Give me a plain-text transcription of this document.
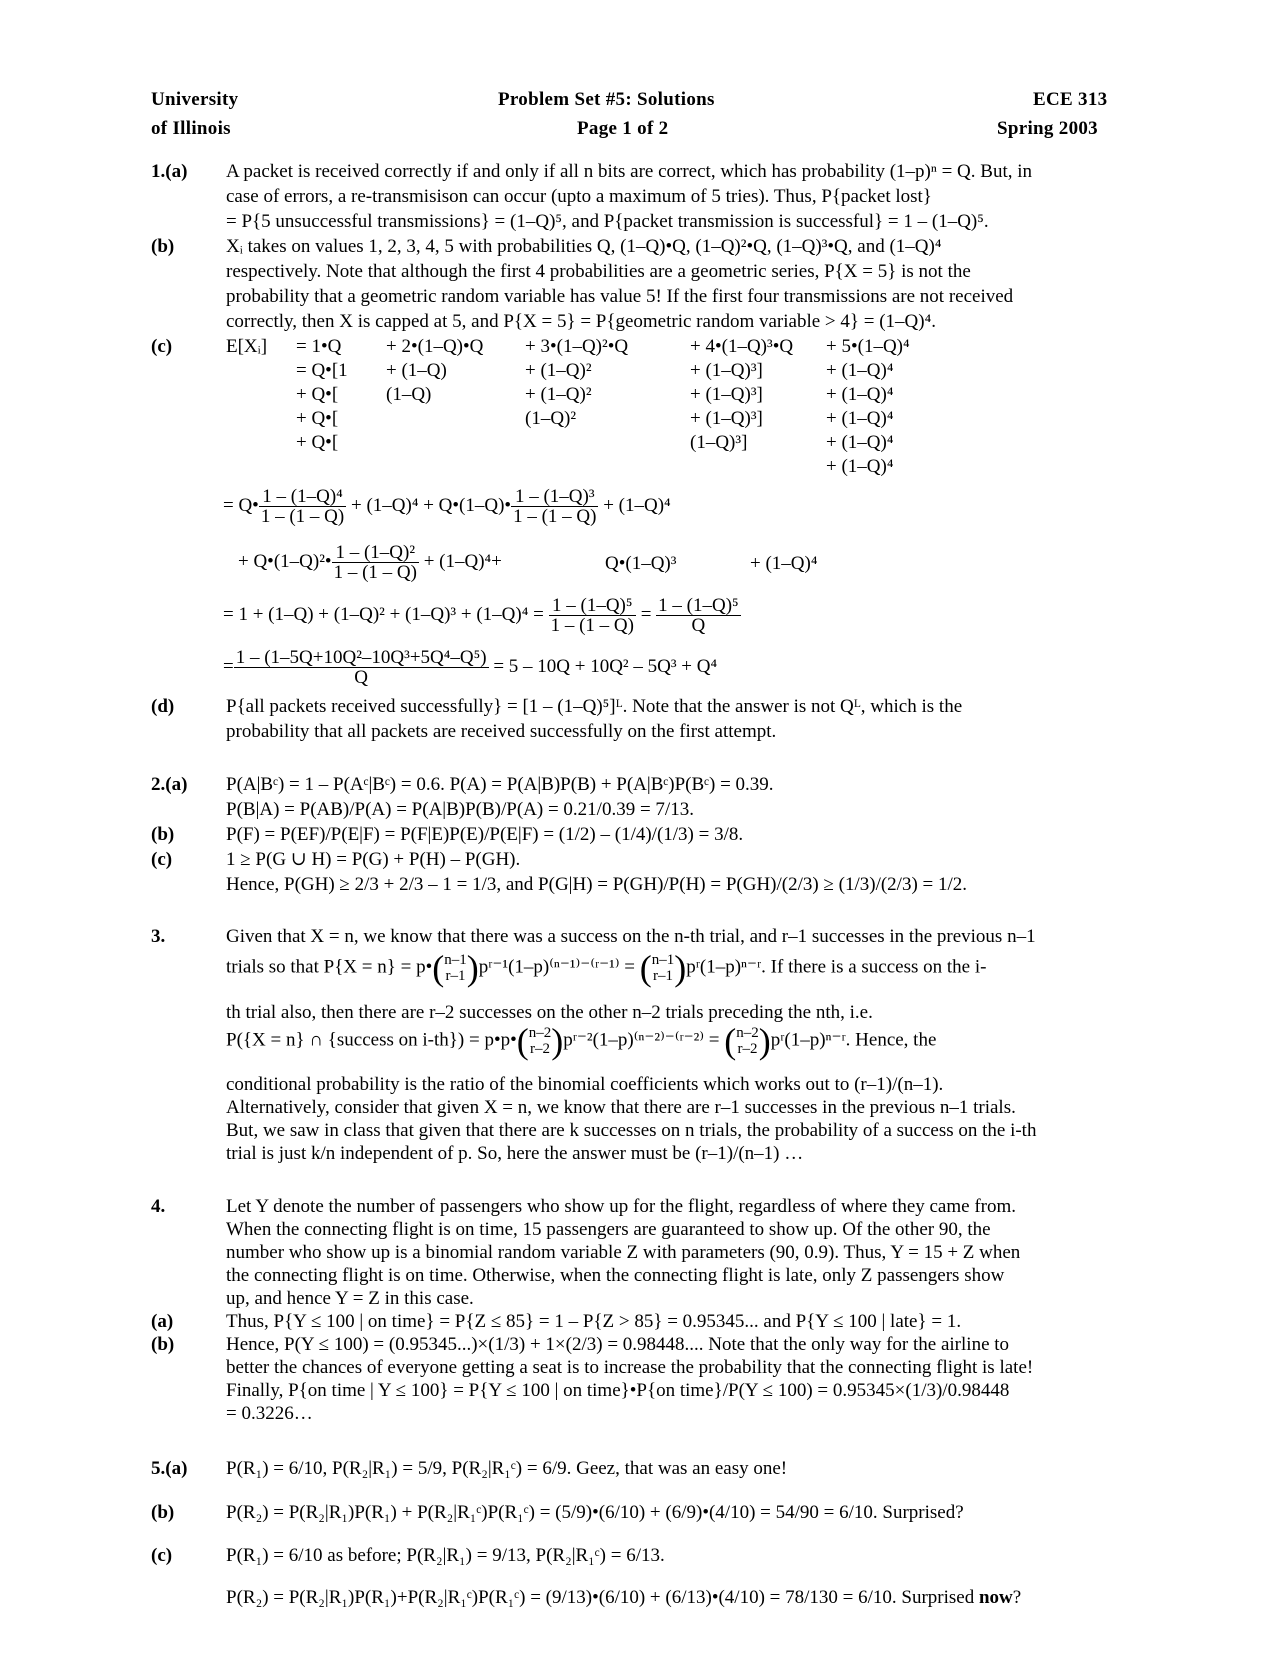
University
of Illinois
Problem Set #5: Solutions
Page 1 of 2
ECE 313
Spring 2003
1.(a) A packet is received correctly if and only if all n bits are correct, which has probability (1–p)ⁿ = Q. But, in
case of errors, a re-transmisison can occur (upto a maximum of 5 tries). Thus, P{packet lost}
= P{5 unsuccessful transmissions} = (1–Q)⁵, and P{packet transmission is successful} = 1 – (1–Q)⁵.
(b)	Xᵢ takes on values 1, 2, 3, 4, 5 with probabilities Q, (1–Q)•Q, (1–Q)²•Q, (1–Q)³•Q, and (1–Q)⁴
respectively. Note that although the first 4 probabilities are a geometric series, P{X = 5} is not the
probability that a geometric random variable has value 5! If the first four transmissions are not received
correctly, then X is capped at 5, and P{X = 5} = P{geometric random variable > 4} = (1–Q)⁴.
(c)	E[Xᵢ] = 1•Q + 2•(1–Q)•Q + 3•(1–Q)²•Q	+ 4•(1–Q)³•Q + 5•(1–Q)⁴
= Q•[1 + (1–Q)	+ (1–Q)²	+ (1–Q)³]	+ (1–Q)⁴
+ Q•[	(1–Q)	+ (1–Q)²	+ (1–Q)³]	+ (1–Q)⁴
+ Q•[	(1–Q)²	+ (1–Q)³]	+ (1–Q)⁴
+ Q•[	(1–Q)³]	+ (1–Q)⁴
+ (1–Q)⁴
= Q• $\frac{\text{1 – (1–Q)⁴}}{1 - (1 - Q)} + (1-Q)^4$ + Q•(1–Q)• $\frac{\text{1 – (1–Q)³}}{1 - (1 - Q)} + (1-Q)^4$
+ Q•(1–Q)²• $\frac{\text{1 – (1–Q)²}}{1 - (1 - Q)} + (1-Q)^4+$	Q•(1–Q)³	+ (1–Q)⁴
= $1 + (1-Q) + (1-Q)^2 + (1-Q)^3 + (1-Q)^4 = \frac{\text{1 – (1–Q)⁵}}{1 - (1 - Q)} = \frac{\text{1 – (1–Q)⁵}}{Q}$
= $\frac{\text{1 – (1–5Q+10Q²–10Q³+5Q⁴–Q⁵)}}{Q} = 5 - 10Q + 10Q^2 - 5Q^3 + Q^4$
(d)	P{all packets received successfully} = [1 – (1–Q)⁵]ᴸ. Note that the answer is not Qᴸ, which is the
probability that all packets are received successfully on the first attempt.
2.(a) P(A|Bᶜ) = 1 – P(Aᶜ|Bᶜ) = 0.6. P(A) = P(A|B)P(B) + P(A|Bᶜ)P(Bᶜ) = 0.39.
P(B|A) = P(AB)/P(A) = P(A|B)P(B)/P(A) = 0.21/0.39 = 7/13.
(b)	P(F) = P(EF)/P(E|F) = P(F|E)P(E)/P(E|F) = (1/2) – (1/4)/(1/3) = 3/8.
(c)	1 ≥ P(G ∪ H) = P(G) + P(H) – P(GH).
Hence, P(GH) ≥ 2/3 + 2/3 – 1 = 1/3, and P(G|H) = P(GH)/P(H) = P(GH)/(2/3) ≥ (1/3)/(2/3) = 1/2.
3.	Given that X = n, we know that there was a success on the n-th trial, and r–1 successes in the previous n–1
trials so that P{X = n} = p•(n–1
r–1)pʳ⁻¹(1–p)⁽ⁿ⁻¹⁾⁻⁽ʳ⁻¹⁾ = (n–1
r–1)pʳ(1–p)ⁿ⁻ʳ. If there is a success on the i-
th trial also, then there are r–2 successes on the other n–2 trials preceding the nth, i.e.
P({X = n} ∩ {success on i-th}) = p•p•(n–2
r–2)pʳ⁻²(1–p)⁽ⁿ⁻²⁾⁻⁽ʳ⁻²⁾ = (n–2
r–2)pʳ(1–p)ⁿ⁻ʳ. Hence, the
conditional probability is the ratio of the binomial coefficients which works out to (r–1)/(n–1).
Alternatively, consider that given X = n, we know that there are r–1 successes in the previous n–1 trials.
But, we saw in class that given that there are k successes on n trials, the probability of a success on the i-th
trial is just k/n independent of p. So, here the answer must be (r–1)/(n–1) …
4.	Let Y denote the number of passengers who show up for the flight, regardless of where they came from.
When the connecting flight is on time, 15 passengers are guaranteed to show up. Of the other 90, the
number who show up is a binomial random variable Z with parameters (90, 0.9). Thus, Y = 15 + Z when
the connecting flight is on time. Otherwise, when the connecting flight is late, only Z passengers show
up, and hence Y = Z in this case.
(a)	Thus, P{Y ≤ 100 | on time} = P{Z ≤ 85} = 1 – P{Z > 85} = 0.95345... and P{Y ≤ 100 | late} = 1.
(b)	Hence, P(Y ≤ 100) = (0.95345...)×(1/3) + 1×(2/3) = 0.98448.... Note that the only way for the airline to
better the chances of everyone getting a seat is to increase the probability that the connecting flight is late!
Finally, P{on time | Y ≤ 100} = P{Y ≤ 100 | on time}•P{on time}/P(Y ≤ 100) = 0.95345×(1/3)/0.98448
= 0.3226…
5.(a) P(R₁) = 6/10, P(R₂|R₁) = 5/9, P(R₂|R₁ᶜ) = 6/9. Geez, that was an easy one!
(b)	P(R₂) = P(R₂|R₁)P(R₁) + P(R₂|R₁ᶜ)P(R₁ᶜ) = (5/9)•(6/10) + (6/9)•(4/10) = 54/90 = 6/10. Surprised?
(c)	P(R₁) = 6/10 as before; P(R₂|R₁) = 9/13, P(R₂|R₁ᶜ) = 6/13.
P(R₂) = P(R₂|R₁)P(R₁)+P(R₂|R₁ᶜ)P(R₁ᶜ) = (9/13)•(6/10) + (6/13)•(4/10) = 78/130 = 6/10. Surprised now?
